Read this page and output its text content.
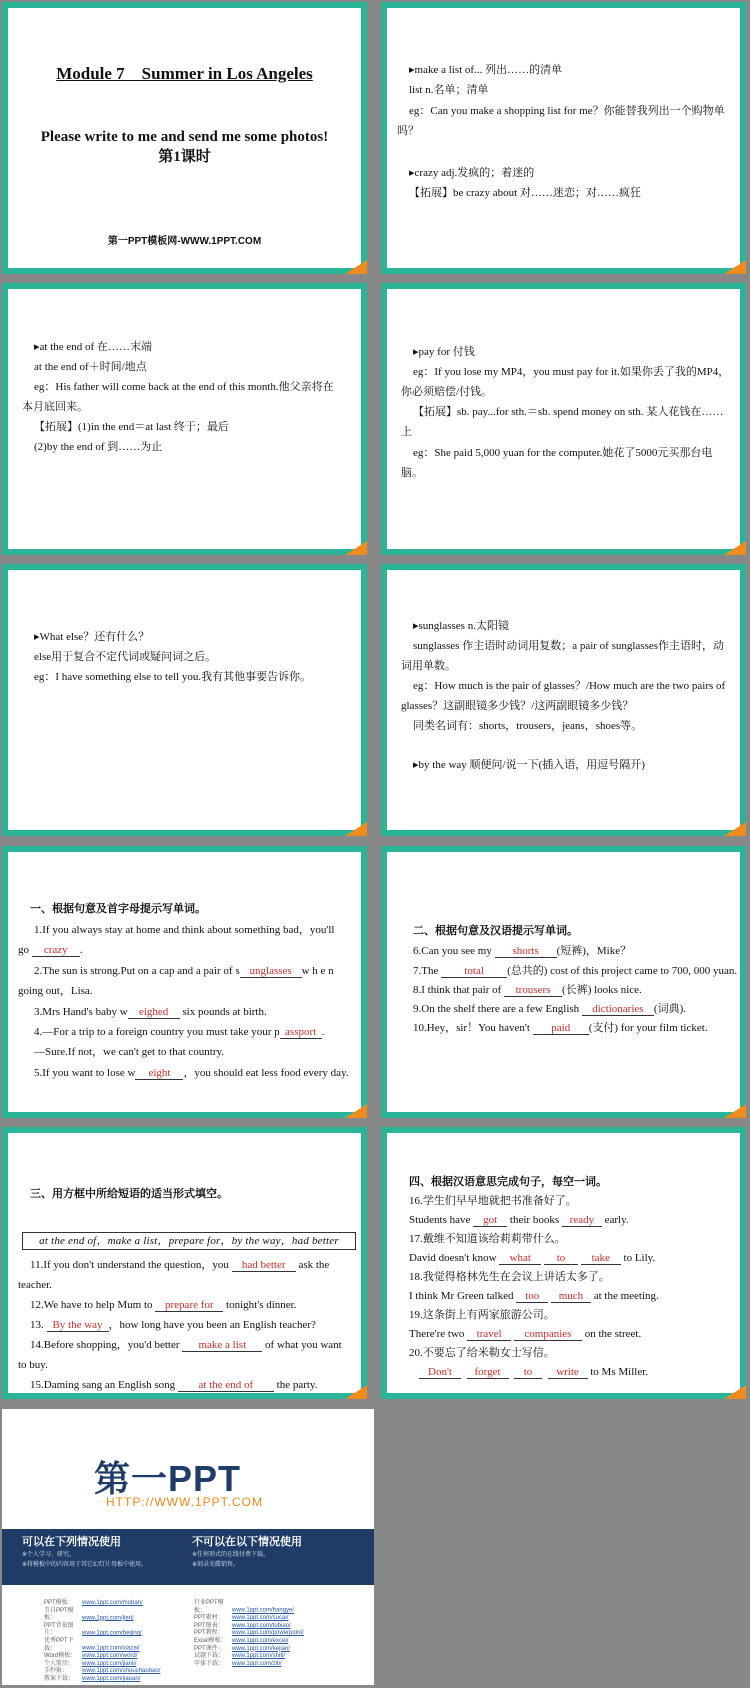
Module 7　Summer in Los Angeles
Please write to me and send me some photos!
第1课时
第一PPT模板网-WWW.1PPT.COM
▸make a list of... 列出……的清单
list n.名单；清单
eg：Can you make a shopping list for me？你能替我列出一个购物单
吗？
▸crazy adj.发疯的；着迷的
【拓展】be crazy about 对……迷恋；对……疯狂
▸at the end of 在……末端
at the end of＋时间/地点
eg：His father will come back at the end of this month.他父亲将在
本月底回来。
【拓展】(1)in the end＝at last 终于；最后
(2)by the end of 到……为止
▸pay for 付钱
eg：If you lose my MP4，you must pay for it.如果你丢了我的MP4，
你必须赔偿/付钱。
【拓展】sb. pay...for sth.＝sb. spend money on sth. 某人花钱在……
上
eg：She paid 5,000 yuan for the computer.她花了5000元买那台电
脑。
▸What else？还有什么？
else用于复合不定代词或疑问词之后。
eg：I have something else to tell you.我有其他事要告诉你。
▸sunglasses n.太阳镜
sunglasses 作主语时动词用复数；a pair of sunglasses作主语时，动
词用单数。
eg：How much is the pair of glasses？/How much are the two pairs of
glasses？这副眼镜多少钱？/这两副眼镜多少钱？
同类名词有：shorts，trousers，jeans，shoes等。
▸by the way 顺便问/说一下(插入语，用逗号隔开)
一、根据句意及首字母提示写单词。
1.If you always stay at home and think about something bad，you'll
go crazy .
2.The sun is strong.Put on a cap and a pair of s unglasses w h e n
going out，Lisa.
3.Mrs Hand's baby w eighed six pounds at birth.
4.—For a trip to a foreign country you must take your p assport .
—Sure.If not，we can't get to that country.
5.If you want to lose w eight ，you should eat less food every day.
二、根据句意及汉语提示写单词。
6.Can you see my shorts (短裤)，Mike？
7.The total (总共的) cost of this project came to 700, 000 yuan.
8.I think that pair of trousers (长裤) looks nice.
9.On the shelf there are a few English dictionaries (词典).
10.Hey，sir！You haven't paid (支付) for your film ticket.
三、用方框中所给短语的适当形式填空。
at the end of，make a list，prepare for，by the way，had better
11.If you don't understand the question，you had better ask the
teacher.
12.We have to help Mum to prepare for tonight's dinner.
13. By the way ，how long have you been an English teacher?
14.Before shopping，you'd better make a list of what you want
to buy.
15.Daming sang an English song at the end of the party.
四、根据汉语意思完成句子，每空一词。
16.学生们早早地就把书准备好了。
Students have got their books ready early.
17.戴维不知道该给莉莉带什么。
David doesn't know what to take to Lily.
18.我觉得格林先生在会议上讲话太多了。
I think Mr Green talked too much at the meeting.
19.这条街上有两家旅游公司。
There're two travel companies on the street.
20.不要忘了给米勒女士写信。
Don't forget to write to Ms Miller.
第一PPT
HTTP://WWW.1PPT.COM
可以在下列情况使用
※个人学习、研究。
※将模板中的内容用于其它幻灯片母板中使用。
不可以在以下情况使用
※任何形式的在线付费下载。
※刻录光碟销售。
PPT模板： www.1ppt.com/moban/
节日PPT模板：	www.1ppt.com/jieri/
PPT背景图片：	www.1ppt.com/beijing/
优秀PPT下载：	www.1ppt.com/xiazai/
Word模板： www.1ppt.com/word/
个人简历： www.1ppt.com/jianli/
手抄报： www.1ppt.com/shouchaobao/
教案下载： www.1ppt.com/jiaoan/
行业PPT模板：	www.1ppt.com/hangye/
PPT素材： www.1ppt.com/sucai/
PPT图表： www.1ppt.com/tubiao/
PPT教程： www.1ppt.com/powerpoint/
Excel模板： www.1ppt.com/excel/
PPT课件： www.1ppt.com/kejian/
试题下载： www.1ppt.com/shiti/
字体下载： www.1ppt.com/ziti/
